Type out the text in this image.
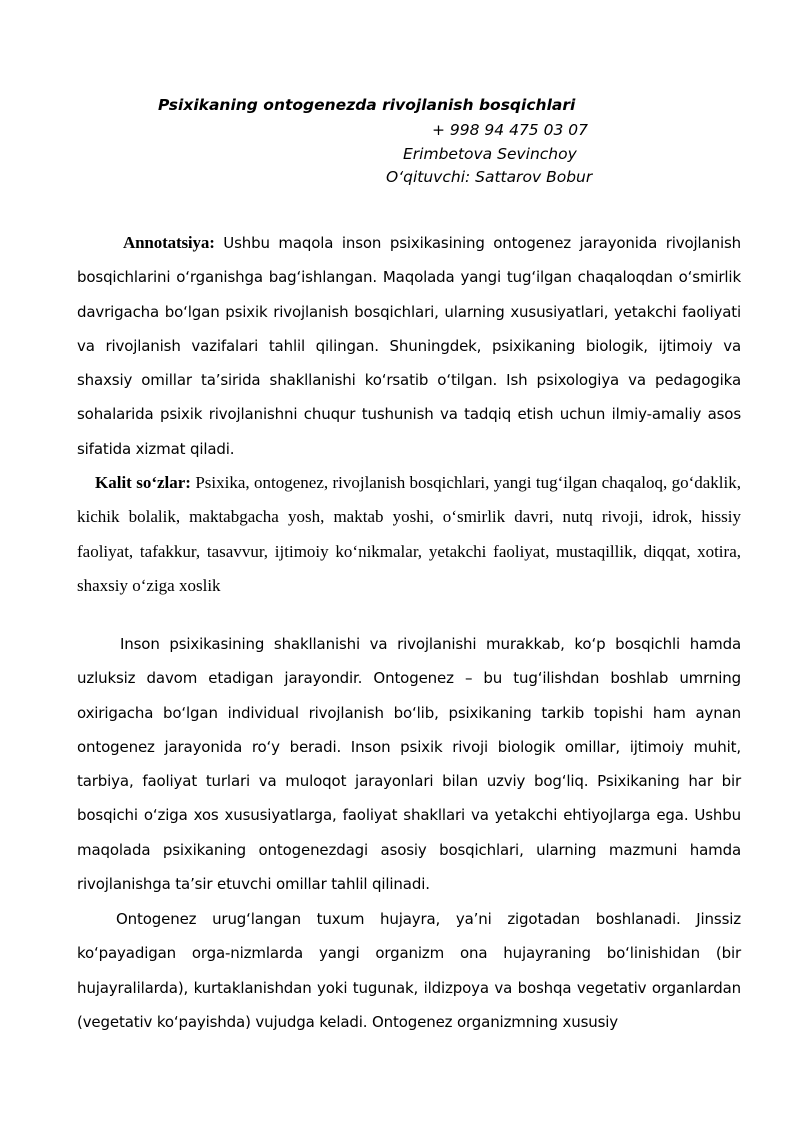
Psixikaning ontogenezda rivojlanish bosqichlari
+ 998 94 475 03 07
Erimbetova Sevinchoy
O‘qituvchi: Sattarov Bobur

Annotatsiya: Ushbu maqola inson psixikasining ontogenez jarayonida rivojlanish bosqichlarini o‘rganishga bag‘ishlangan. Maqolada yangi tug‘ilgan chaqaloqdan o‘smirlik davrigacha bo‘lgan psixik rivojlanish bosqichlari, ularning xususiyatlari, yetakchi faoliyati va rivojlanish vazifalari tahlil qilingan. Shuningdek, psixikaning biologik, ijtimoiy va shaxsiy omillar ta’sirida shakllanishi ko‘rsatib o‘tilgan. Ish psixologiya va pedagogika sohalarida psixik rivojlanishni chuqur tushunish va tadqiq etish uchun ilmiy-amaliy asos sifatida xizmat qiladi.

Kalit so‘zlar: Psixika, ontogenez, rivojlanish bosqichlari, yangi tug‘ilgan chaqaloq, go‘daklik, kichik bolalik, maktabgacha yosh, maktab yoshi, o‘smirlik davri, nutq rivoji, idrok, hissiy faoliyat, tafakkur, tasavvur, ijtimoiy ko‘nikmalar, yetakchi faoliyat, mustaqillik, diqqat, xotira, shaxsiy o‘ziga xoslik

Inson psixikasining shakllanishi va rivojlanishi murakkab, ko‘p bosqichli hamda uzluksiz davom etadigan jarayondir. Ontogenez – bu tug‘ilishdan boshlab umrning oxirigacha bo‘lgan individual rivojlanish bo‘lib, psixikaning tarkib topishi ham aynan ontogenez jarayonida ro‘y beradi. Inson psixik rivoji biologik omillar, ijtimoiy muhit, tarbiya, faoliyat turlari va muloqot jarayonlari bilan uzviy bog‘liq. Psixikaning har bir bosqichi o‘ziga xos xususiyatlarga, faoliyat shakllari va yetakchi ehtiyojlarga ega. Ushbu maqolada psixikaning ontogenezdagi asosiy bosqichlari, ularning mazmuni hamda rivojlanishga ta’sir etuvchi omillar tahlil qilinadi.

Ontogenez urug‘langan tuxum hujayra, ya’ni zigotadan boshlanadi. Jinssiz ko‘payadigan orga-nizmlarda yangi organizm ona hujayraning bo‘linishidan (bir hujayralilarda), kurtaklanishdan yoki tugunak, ildizpoya va boshqa vegetativ organlardan (vegetativ ko‘payishda) vujudga keladi. Ontogenez organizmning xususiy
